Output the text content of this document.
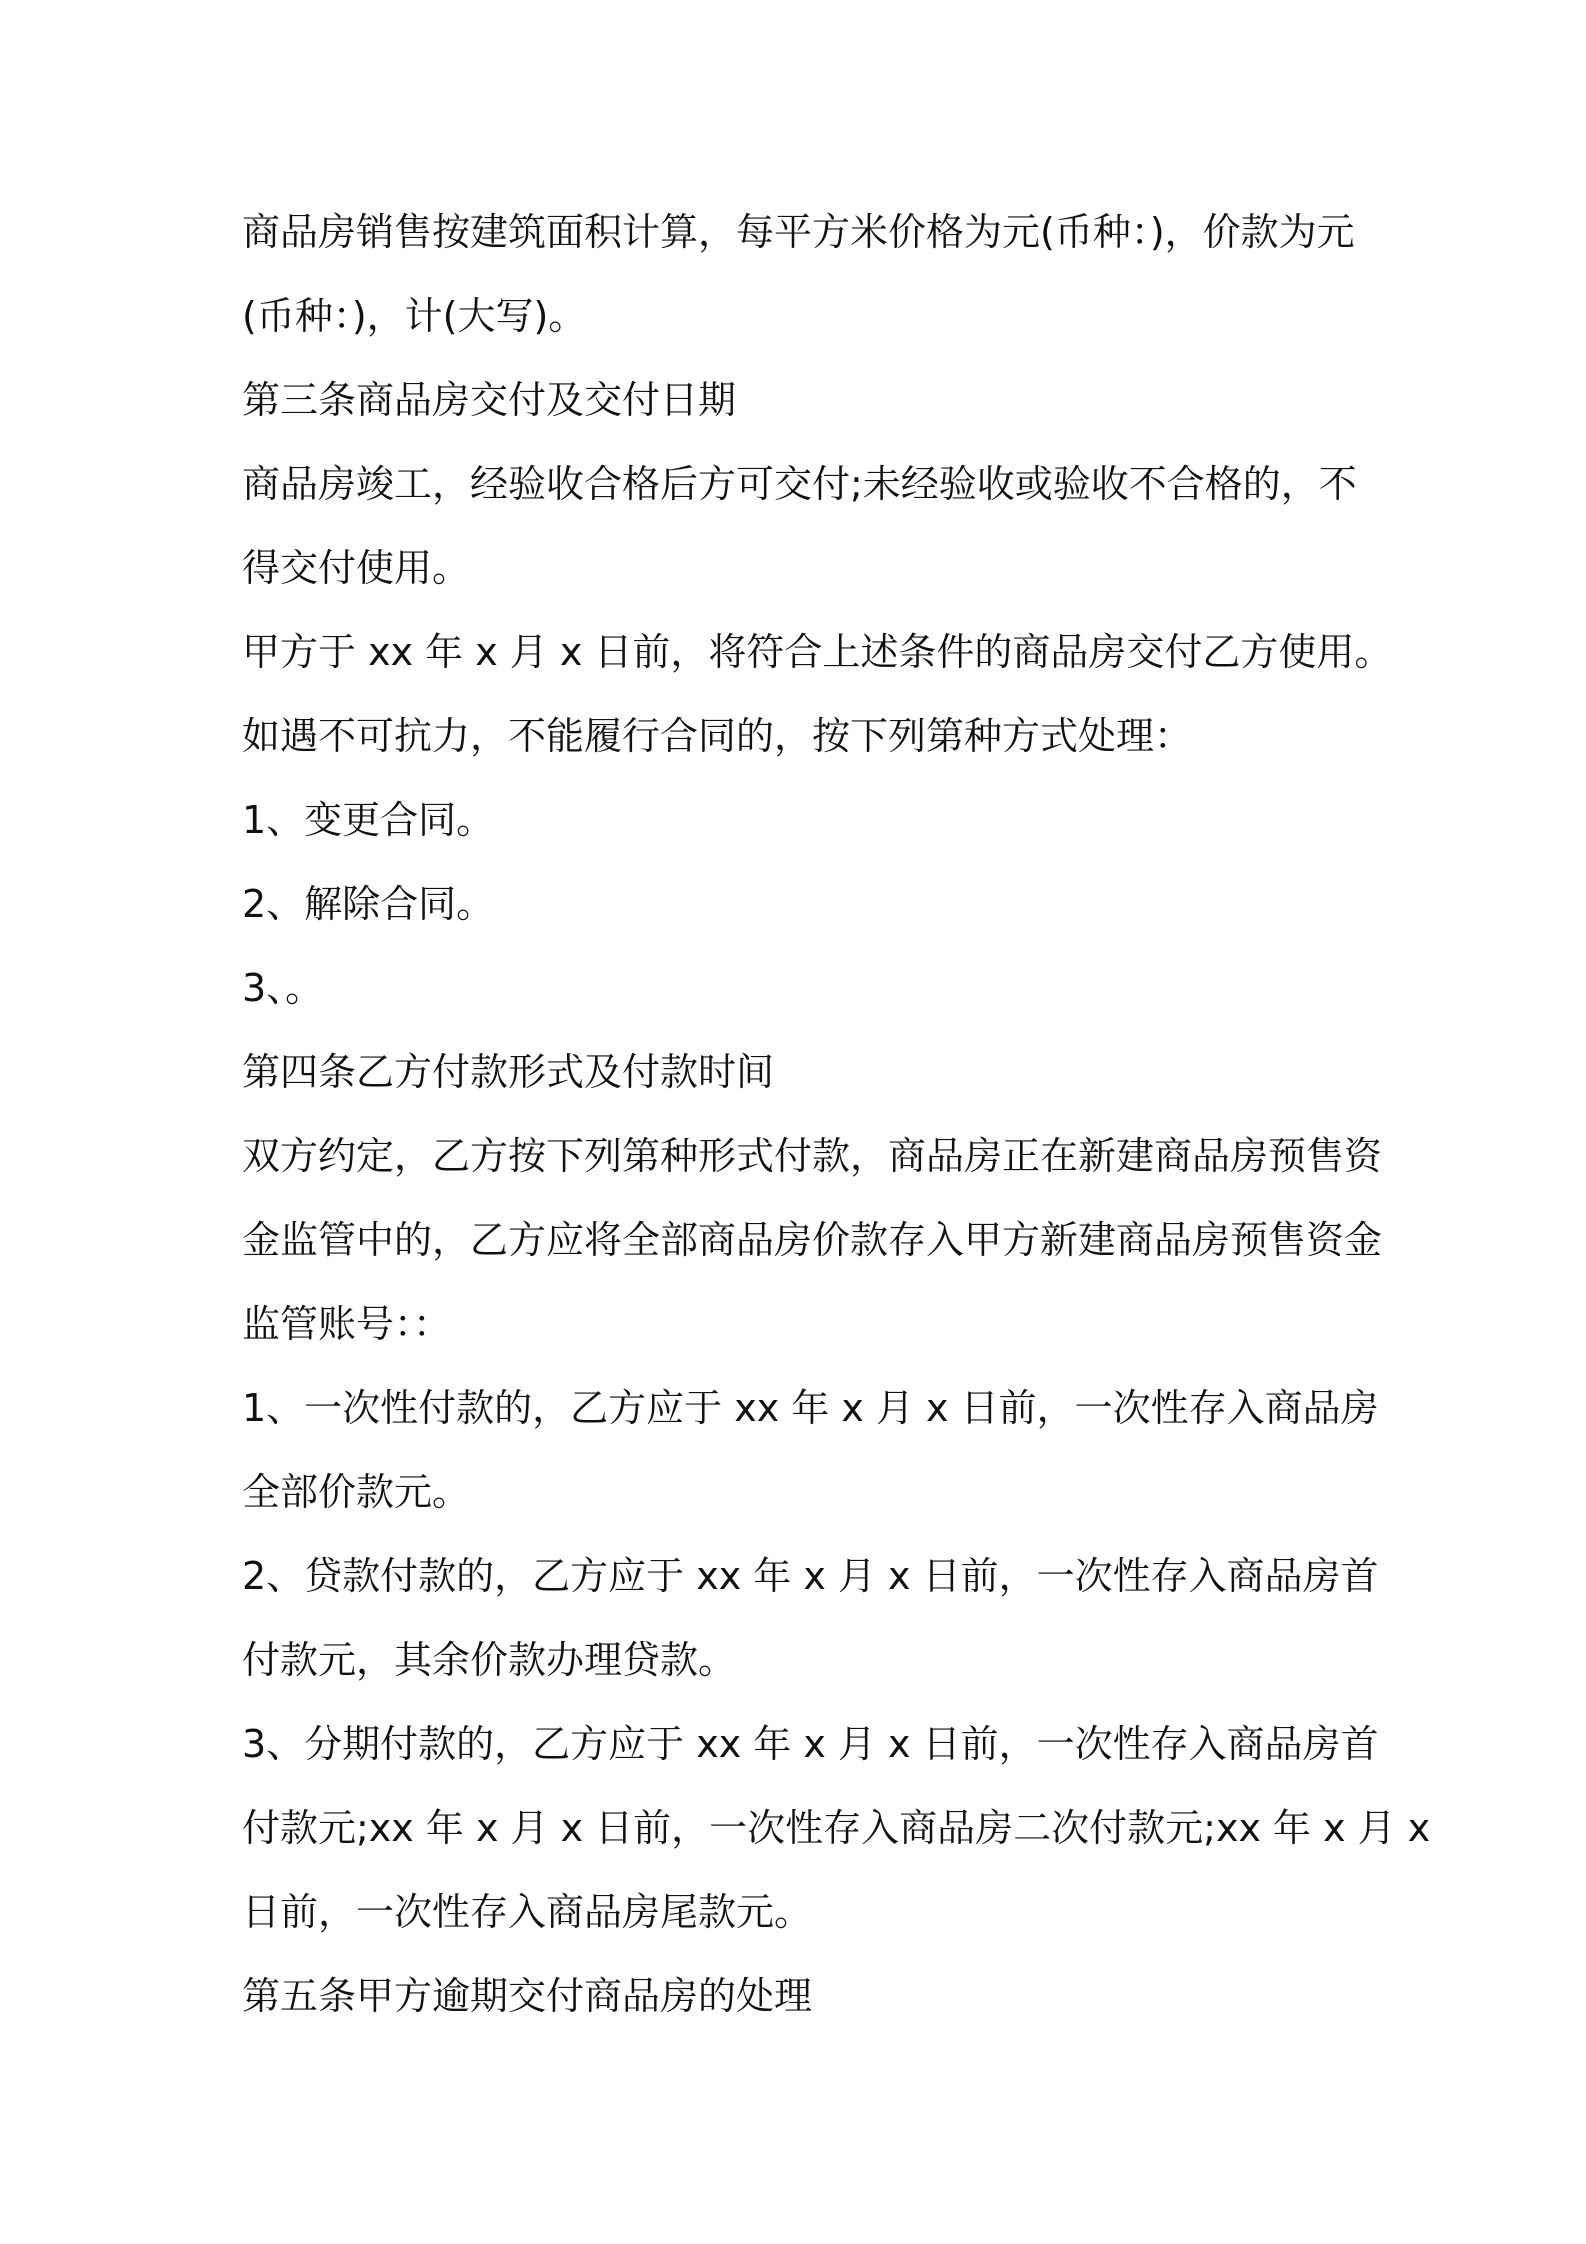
商品房销售按建筑面积计算，每平方米价格为元(币种：)，价款为元
(币种：)，计(大写)。
第三条商品房交付及交付日期
商品房竣工，经验收合格后方可交付;未经验收或验收不合格的，不
得交付使用。
甲方于 xx 年 x 月 x 日前，将符合上述条件的商品房交付乙方使用。
如遇不可抗力，不能履行合同的，按下列第种方式处理：
1、变更合同。
2、解除合同。
3、。
第四条乙方付款形式及付款时间
双方约定，乙方按下列第种形式付款，商品房正在新建商品房预售资
金监管中的，乙方应将全部商品房价款存入甲方新建商品房预售资金
监管账号：：
1、一次性付款的，乙方应于 xx 年 x 月 x 日前，一次性存入商品房
全部价款元。
2、贷款付款的，乙方应于 xx 年 x 月 x 日前，一次性存入商品房首
付款元，其余价款办理贷款。
3、分期付款的，乙方应于 xx 年 x 月 x 日前，一次性存入商品房首
付款元;xx 年 x 月 x 日前，一次性存入商品房二次付款元;xx 年 x 月 x
日前，一次性存入商品房尾款元。
第五条甲方逾期交付商品房的处理
